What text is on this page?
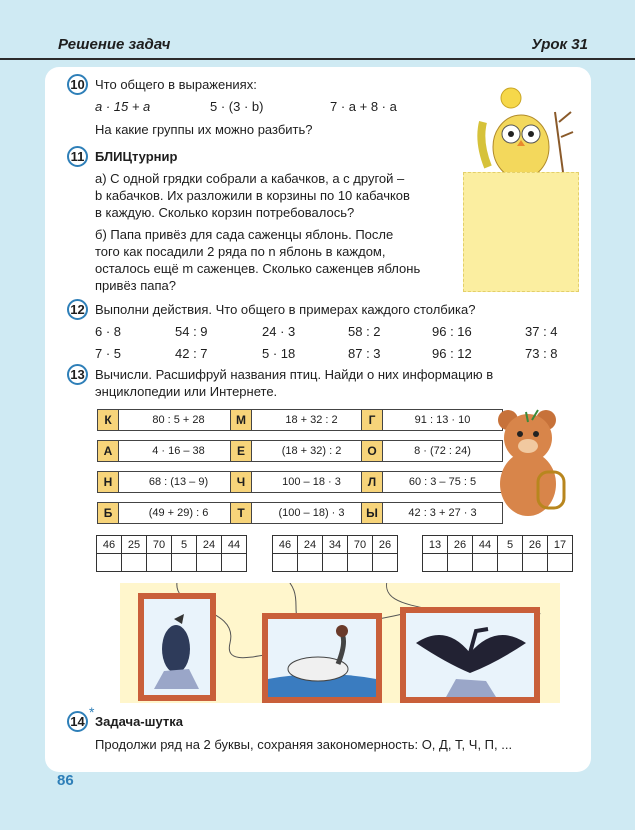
Решение задач	Урок 31
10 Что общего в выражениях:
a · 15 + a	5 · (3 · b)	7 · a + 8 · a
На какие группы их можно разбить?
11 БЛИЦтурнир
а) С одной грядки собрали a кабачков, а с другой –
b кабачков. Их разложили в корзины по 10 кабачков
в каждую. Сколько корзин потребовалось?
б) Папа привёз для сада саженцы яблонь. После
того как посадили 2 ряда по n яблонь в каждом,
осталось ещё m саженцев. Сколько саженцев яблонь
привёз папа?
12 Выполни действия. Что общего в примерах каждого столбика?
6 · 8	54 : 9	24 · 3	58 : 2	96 : 16	37 : 4
7 · 5	42 : 7	5 · 18	87 : 3	96 : 12	73 : 8
13 Вычисли. Расшифруй названия птиц. Найди о них информацию в
энциклопедии или Интернете.
К	80 : 5 + 28	М	18 + 32 : 2	Г	91 : 13 · 10
А	4 · 16 – 38	Е	(18 + 32) : 2	О	8 · (72 : 24)
Н	68 : (13 – 9)	Ч	100 – 18 · 3	Л	60 : 3 – 75 : 5
Б	(49 + 29) : 6	Т	(100 – 18) · 3	Ы	42 : 3 + 27 · 3
46	25	70	5	24	44
						46	24	34	70	26
					13	26	44	5	26	17

14
*
Задача-шутка
Продолжи ряд на 2 буквы, сохраняя закономерность: О, Д, Т, Ч, П, ...
86
